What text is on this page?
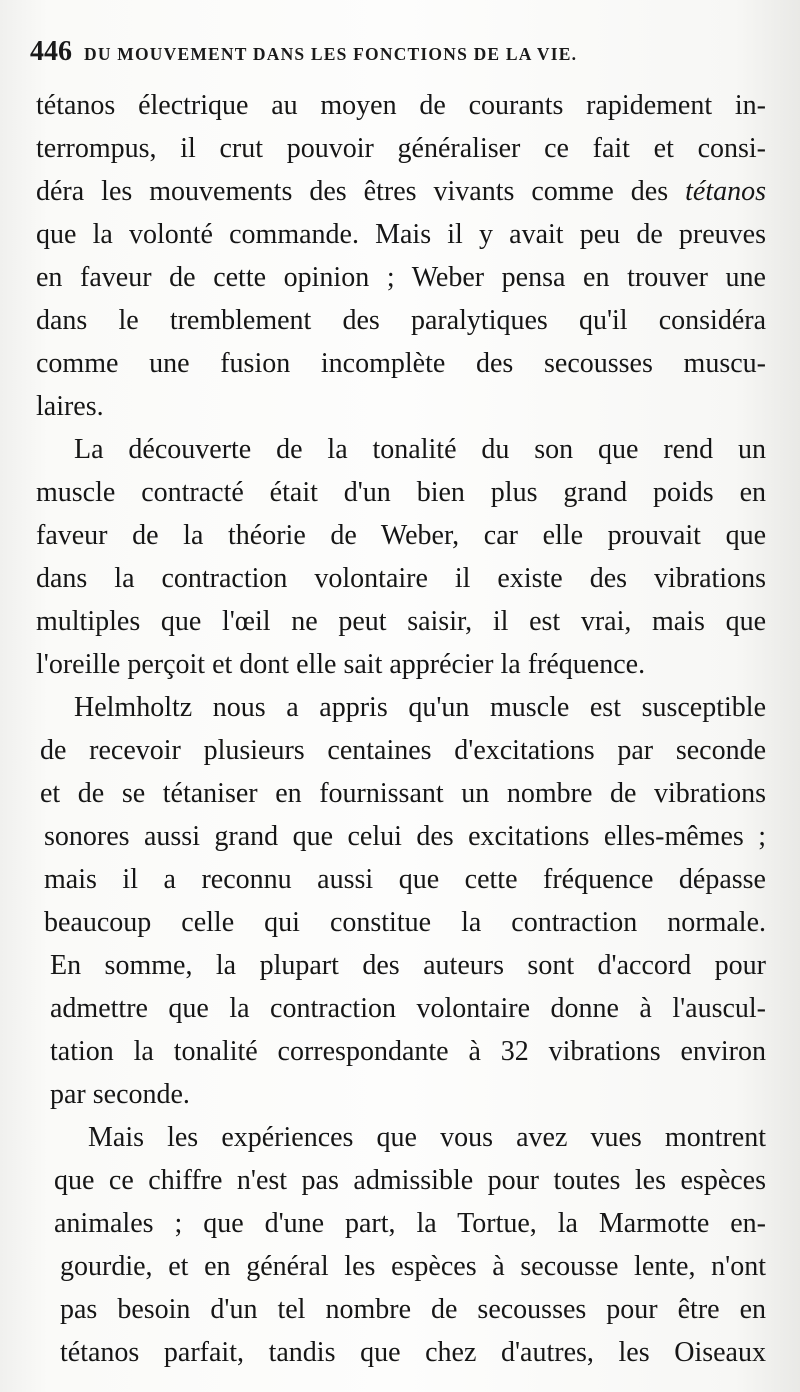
446 DU MOUVEMENT DANS LES FONCTIONS DE LA VIE.
tétanos électrique au moyen de courants rapidement in-
terrompus, il crut pouvoir généraliser ce fait et consi-
déra les mouvements des êtres vivants comme des tétanos
que la volonté commande. Mais il y avait peu de preuves
en faveur de cette opinion ; Weber pensa en trouver une
dans le tremblement des paralytiques qu'il considéra
comme une fusion incomplète des secousses muscu-
laires.
La découverte de la tonalité du son que rend un
muscle contracté était d'un bien plus grand poids en
faveur de la théorie de Weber, car elle prouvait que
dans la contraction volontaire il existe des vibrations
multiples que l'œil ne peut saisir, il est vrai, mais que
l'oreille perçoit et dont elle sait apprécier la fréquence.
Helmholtz nous a appris qu'un muscle est susceptible
de recevoir plusieurs centaines d'excitations par seconde
et de se tétaniser en fournissant un nombre de vibrations
sonores aussi grand que celui des excitations elles-mêmes ;
mais il a reconnu aussi que cette fréquence dépasse
beaucoup celle qui constitue la contraction normale.
En somme, la plupart des auteurs sont d'accord pour
admettre que la contraction volontaire donne à l'auscul-
tation la tonalité correspondante à 32 vibrations environ
par seconde.
Mais les expériences que vous avez vues montrent
que ce chiffre n'est pas admissible pour toutes les espèces
animales ; que d'une part, la Tortue, la Marmotte en-
gourdie, et en général les espèces à secousse lente, n'ont
pas besoin d'un tel nombre de secousses pour être en
tétanos parfait, tandis que chez d'autres, les Oiseaux
